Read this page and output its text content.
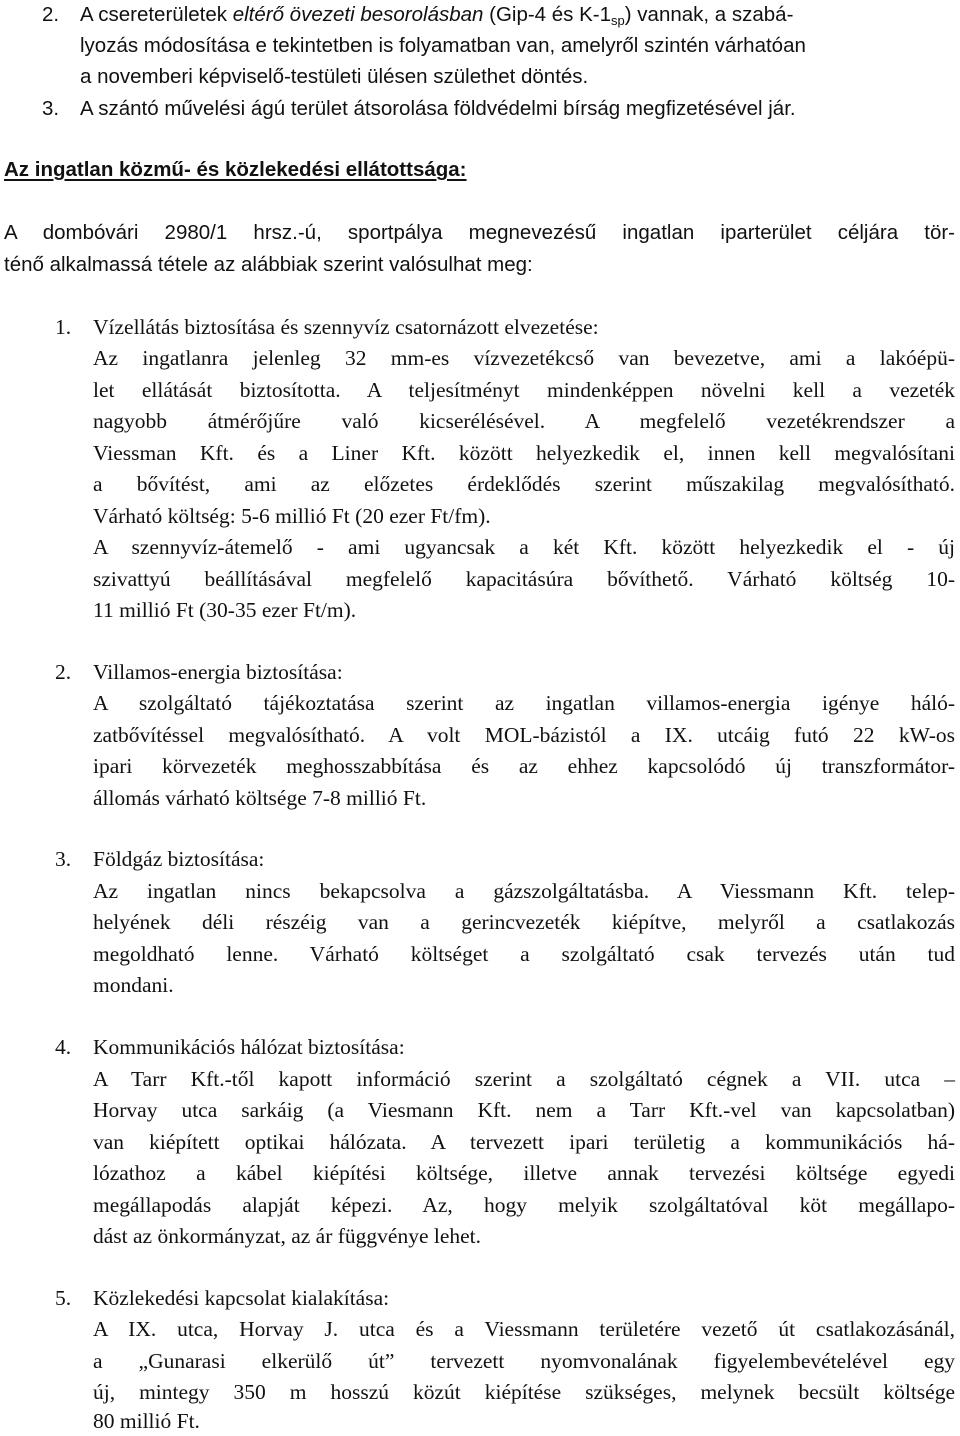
2. A csereterületek eltérő övezeti besorolásban (Gip-4 és $K-1_{sp}$) vannak, a szabá-
lyozás módosítása e tekintetben is folyamatban van, amelyről szintén várhatóan
a novemberi képviselő-testületi ülésen születhet döntés.
3. A szántó művelési ágú terület átsorolása földvédelmi bírság megfizetésével jár.
Az ingatlan közmű- és közlekedési ellátottsága:
A dombóvári 2980/1 hrsz.-ú, sportpálya megnevezésű ingatlan iparterület céljára tör-
ténő alkalmassá tétele az alábbiak szerint valósulhat meg:
1. Vízellátás biztosítása és szennyvíz csatornázott elvezetése:
Az ingatlanra jelenleg 32 mm-es vízvezetékcső van bevezetve, ami a lakóépü-
let ellátását biztosította. A teljesítményt mindenképpen növelni kell a vezeték
nagyobb átmérőjűre való kicserélésével. A megfelelő vezetékrendszer a
Viessman Kft. és a Liner Kft. között helyezkedik el, innen kell megvalósítani
a bővítést, ami az előzetes érdeklődés szerint műszakilag megvalósítható.
Várható költség: 5-6 millió Ft (20 ezer Ft/fm).
A szennyvíz-átemelő - ami ugyancsak a két Kft. között helyezkedik el - új
szivattyú beállításával megfelelő kapacitásúra bővíthető. Várható költség 10-
11 millió Ft (30-35 ezer Ft/m).
2. Villamos-energia biztosítása:
A szolgáltató tájékoztatása szerint az ingatlan villamos-energia igénye háló-
zatbővítéssel megvalósítható. A volt MOL-bázistól a IX. utcáig futó 22 kW-os
ipari körvezeték meghosszabbítása és az ehhez kapcsolódó új transzformátor-
állomás várható költsége 7-8 millió Ft.
3. Földgáz biztosítása:
Az ingatlan nincs bekapcsolva a gázszolgáltatásba. A Viessmann Kft. telep-
helyének déli részéig van a gerincvezeték kiépítve, melyről a csatlakozás
megoldható lenne. Várható költséget a szolgáltató csak tervezés után tud
mondani.
4. Kommunikációs hálózat biztosítása:
A Tarr Kft.-től kapott információ szerint a szolgáltató cégnek a VII. utca –
Horvay utca sarkáig (a Viesmann Kft. nem a Tarr Kft.-vel van kapcsolatban)
van kiépített optikai hálózata. A tervezett ipari területig a kommunikációs há-
lózathoz a kábel kiépítési költsége, illetve annak tervezési költsége egyedi
megállapodás alapját képezi. Az, hogy melyik szolgáltatóval köt megállapo-
dást az önkormányzat, az ár függvénye lehet.
5. Közlekedési kapcsolat kialakítása:
A IX. utca, Horvay J. utca és a Viessmann területére vezető út csatlakozásánál,
a „Gunarasi elkerülő út” tervezett nyomvonalának figyelembevételével egy
új, mintegy 350 m hosszú közút kiépítése szükséges, melynek becsült költsége
80 millió Ft.
